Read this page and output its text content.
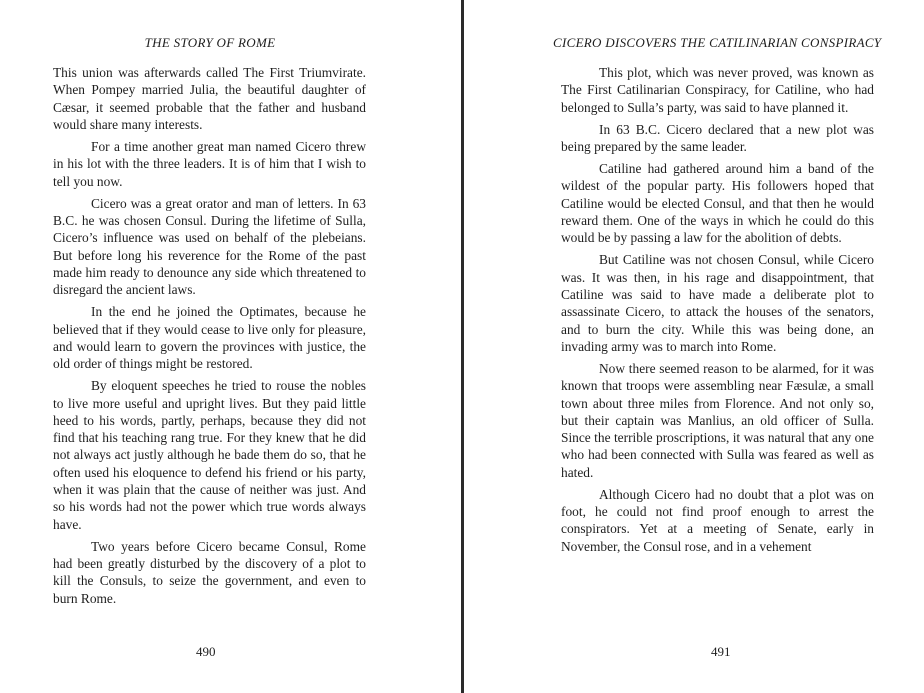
THE STORY OF ROME

This union was afterwards called The First Triumvirate. When Pompey married Julia, the beautiful daughter of Cæsar, it seemed probable that the father and husband would share many interests.

For a time another great man named Cicero threw in his lot with the three leaders. It is of him that I wish to tell you now.

Cicero was a great orator and man of letters. In 63 B.C. he was chosen Consul. During the lifetime of Sulla, Cicero’s influence was used on behalf of the plebeians. But before long his reverence for the Rome of the past made him ready to denounce any side which threatened to disregard the ancient laws.

In the end he joined the Optimates, because he believed that if they would cease to live only for pleasure, and would learn to govern the provinces with justice, the old order of things might be restored.

By eloquent speeches he tried to rouse the nobles to live more useful and upright lives. But they paid little heed to his words, partly, perhaps, because they did not find that his teaching rang true. For they knew that he did not always act justly although he bade them do so, that he often used his eloquence to defend his friend or his party, when it was plain that the cause of neither was just. And so his words had not the power which true words always have.

Two years before Cicero became Consul, Rome had been greatly disturbed by the discovery of a plot to kill the Consuls, to seize the government, and even to burn Rome.

490
CICERO DISCOVERS THE CATILINARIAN CONSPIRACY

This plot, which was never proved, was known as The First Catilinarian Conspiracy, for Catiline, who had belonged to Sulla’s party, was said to have planned it.

In 63 B.C. Cicero declared that a new plot was being prepared by the same leader.

Catiline had gathered around him a band of the wildest of the popular party. His followers hoped that Catiline would be elected Consul, and that then he would reward them. One of the ways in which he could do this would be by passing a law for the abolition of debts.

But Catiline was not chosen Consul, while Cicero was. It was then, in his rage and disappointment, that Catiline was said to have made a deliberate plot to assassinate Cicero, to attack the houses of the senators, and to burn the city. While this was being done, an invading army was to march into Rome.

Now there seemed reason to be alarmed, for it was known that troops were assembling near Fæsulæ, a small town about three miles from Florence. And not only so, but their captain was Manlius, an old officer of Sulla. Since the terrible proscriptions, it was natural that any one who had been connected with Sulla was feared as well as hated.

Although Cicero had no doubt that a plot was on foot, he could not find proof enough to arrest the conspirators. Yet at a meeting of Senate, early in November, the Consul rose, and in a vehement

491
